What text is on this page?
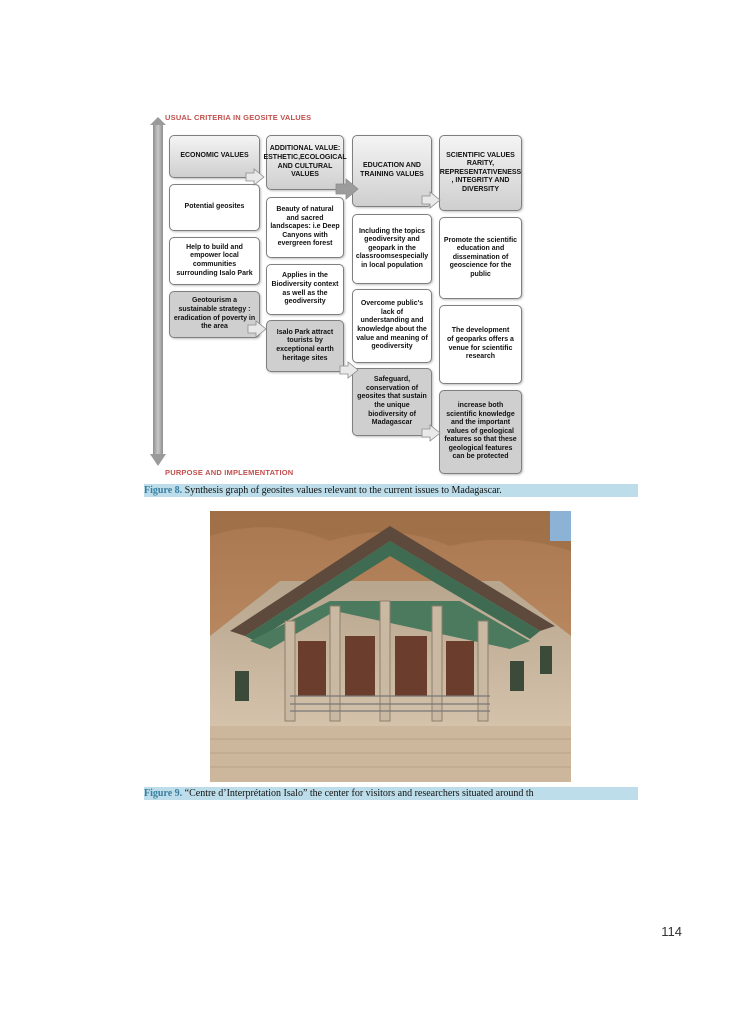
USUAL CRITERIA IN GEOSITE VALUES
PURPOSE AND IMPLEMENTATION
ECONOMIC VALUES
Potential geosites
Help to build and empower local communities surrounding Isalo Park
Geotourism a sustainable strategy : eradication of poverty in the area
ADDITIONAL VALUE:
ESTHETIC,ECOLOGICAL AND CULTURAL VALUES
Beauty of natural and sacred landscapes: i.e Deep Canyons with evergreen forest
Applies in the Biodiversity context as well as the geodiversity
Isalo Park attract tourists by exceptional earth heritage sites
EDUCATION AND TRAINING VALUES
Including the topics geodiversity and geopark in the classroomsespecially in local population
Overcome public's lack of understanding and knowledge about the value and meaning of geodiversity
Safeguard, conservation of geosites that sustain the unique biodiversity of Madagascar
SCIENTIFIC VALUES
RARITY, REPRESENTATIVENESS , INTEGRITY AND DIVERSITY
Promote the scientific education and dissemination of geoscience for the public
The development
of geoparks offers a venue for scientific research
increase both scientific knowledge and the important values of geological features so that these geological features can be protected
Figure 8. Synthesis graph of geosites values relevant to the current issues to Madagascar.
Figure 9. “Centre d’Interprétation Isalo” the center for visitors and researchers situated around th
114
